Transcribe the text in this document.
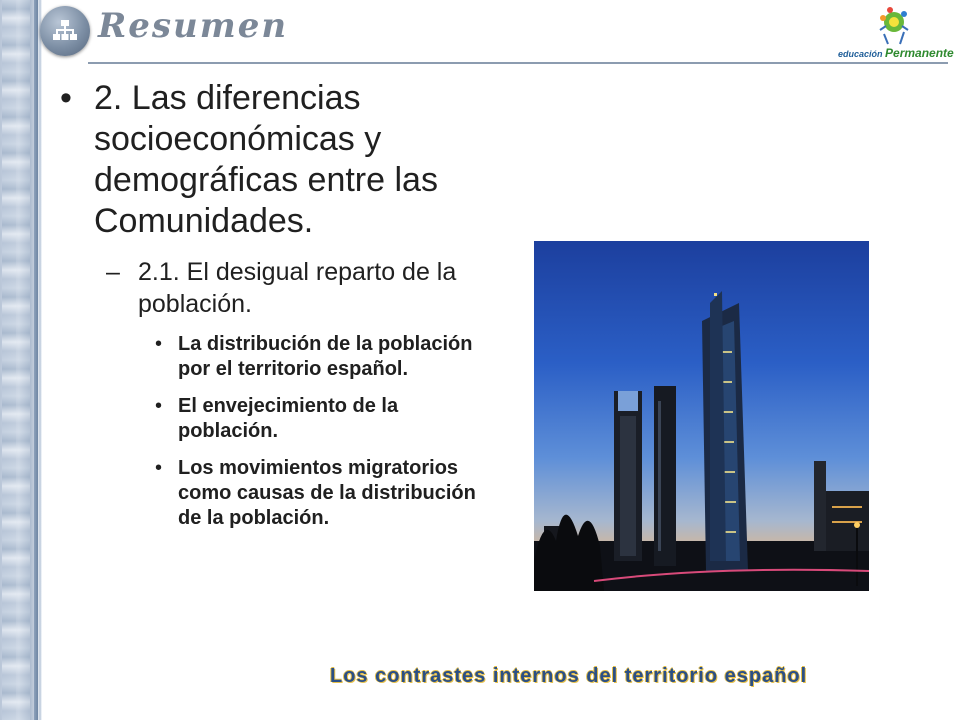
Resumen
educación Permanente
• 2. Las diferencias socioeconómicas y demográficas entre las Comunidades.
– 2.1. El desigual reparto de la población.
• La distribución de la población por el territorio español.
• El envejecimiento de la población.
• Los movimientos migratorios como causas de la distribución de la población.
Los contrastes internos del territorio español
